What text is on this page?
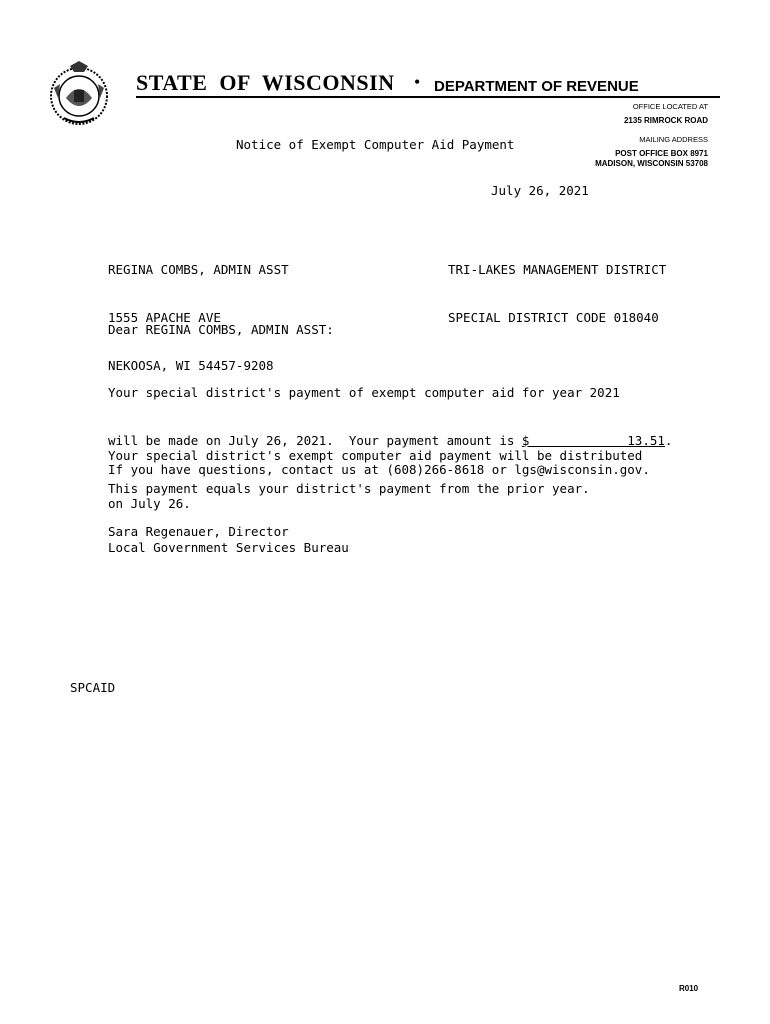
STATE  OF  WISCONSIN • DEPARTMENT OF REVENUE
OFFICE LOCATED AT
2135 RIMROCK ROAD
MAILING ADDRESS
POST OFFICE BOX 8971
MADISON, WISCONSIN 53708
Notice of Exempt Computer Aid Payment
July 26, 2021

REGINA COMBS, ADMIN ASST

1555 APACHE AVE

NEKOOSA, WI 54457-9208

TRI-LAKES MANAGEMENT DISTRICT

SPECIAL DISTRICT CODE 018040

Dear REGINA COMBS, ADMIN ASST:

Your special district's payment of exempt computer aid for year 2021

will be made on July 26, 2021.  Your payment amount is $             13.51.

This payment equals your district's payment from the prior year.

Your special district's exempt computer aid payment will be distributed

on July 26.

If you have questions, contact us at (608)266-8618 or lgs@wisconsin.gov.
Sara Regenauer, Director
Local Government Services Bureau
SPCAID
R010
